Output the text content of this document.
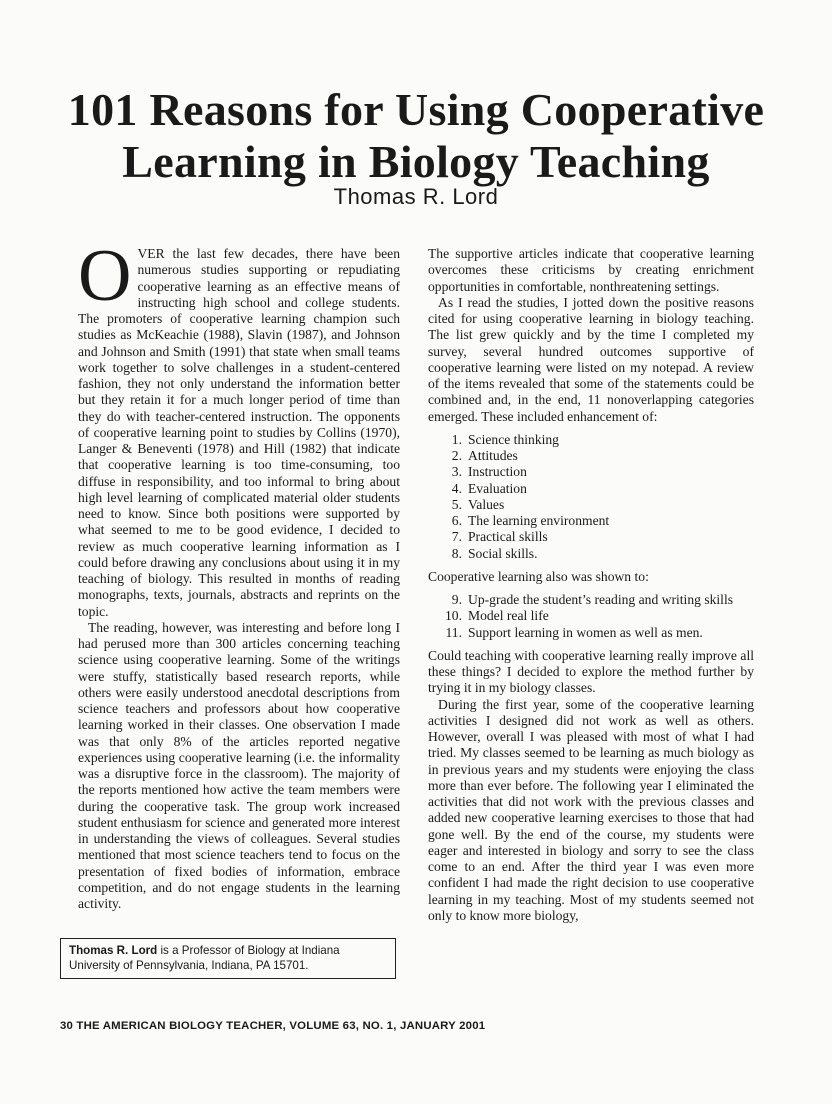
101 Reasons for Using Cooperative
Learning in Biology Teaching
Thomas R. Lord

OVER the last few decades, there have been numerous studies supporting or repudiating cooperative learning as an effective means of instructing high school and college students. The promoters of cooperative learning champion such studies as McKeachie (1988), Slavin (1987), and Johnson and Johnson and Smith (1991) that state when small teams work together to solve challenges in a student-centered fashion, they not only understand the information better but they retain it for a much longer period of time than they do with teacher-centered instruction. The opponents of cooperative learning point to studies by Collins (1970), Langer & Beneventi (1978) and Hill (1982) that indicate that cooperative learning is too time-consuming, too diffuse in responsibility, and too informal to bring about high level learning of complicated material older students need to know. Since both positions were supported by what seemed to me to be good evidence, I decided to review as much cooperative learning information as I could before drawing any conclusions about using it in my teaching of biology. This resulted in months of reading monographs, texts, journals, abstracts and reprints on the topic.

The reading, however, was interesting and before long I had perused more than 300 articles concerning teaching science using cooperative learning. Some of the writings were stuffy, statistically based research reports, while others were easily understood anecdotal descriptions from science teachers and professors about how cooperative learning worked in their classes. One observation I made was that only 8% of the articles reported negative experiences using cooperative learning (i.e. the informality was a disruptive force in the classroom). The majority of the reports mentioned how active the team members were during the cooperative task. The group work increased student enthusiasm for science and generated more interest in understanding the views of colleagues. Several studies mentioned that most science teachers tend to focus on the presentation of fixed bodies of information, embrace competition, and do not engage students in the learning activity.

The supportive articles indicate that cooperative learning overcomes these criticisms by creating enrichment opportunities in comfortable, nonthreatening settings.

As I read the studies, I jotted down the positive reasons cited for using cooperative learning in biology teaching. The list grew quickly and by the time I completed my survey, several hundred outcomes supportive of cooperative learning were listed on my notepad. A review of the items revealed that some of the statements could be combined and, in the end, 11 nonoverlapping categories emerged. These included enhancement of:

1. Science thinking
2. Attitudes
3. Instruction
4. Evaluation
5. Values
6. The learning environment
7. Practical skills
8. Social skills.

Cooperative learning also was shown to:

9. Up-grade the student’s reading and writing skills
10. Model real life
11. Support learning in women as well as men.

Could teaching with cooperative learning really improve all these things? I decided to explore the method further by trying it in my biology classes.

During the first year, some of the cooperative learning activities I designed did not work as well as others. However, overall I was pleased with most of what I had tried. My classes seemed to be learning as much biology as in previous years and my students were enjoying the class more than ever before. The following year I eliminated the activities that did not work with the previous classes and added new cooperative learning exercises to those that had gone well. By the end of the course, my students were eager and interested in biology and sorry to see the class come to an end. After the third year I was even more confident I had made the right decision to use cooperative learning in my teaching. Most of my students seemed not only to know more biology,

Thomas R. Lord is a Professor of Biology at Indiana University of Pennsylvania, Indiana, PA 15701.
30 THE AMERICAN BIOLOGY TEACHER, VOLUME 63, NO. 1, JANUARY 2001
